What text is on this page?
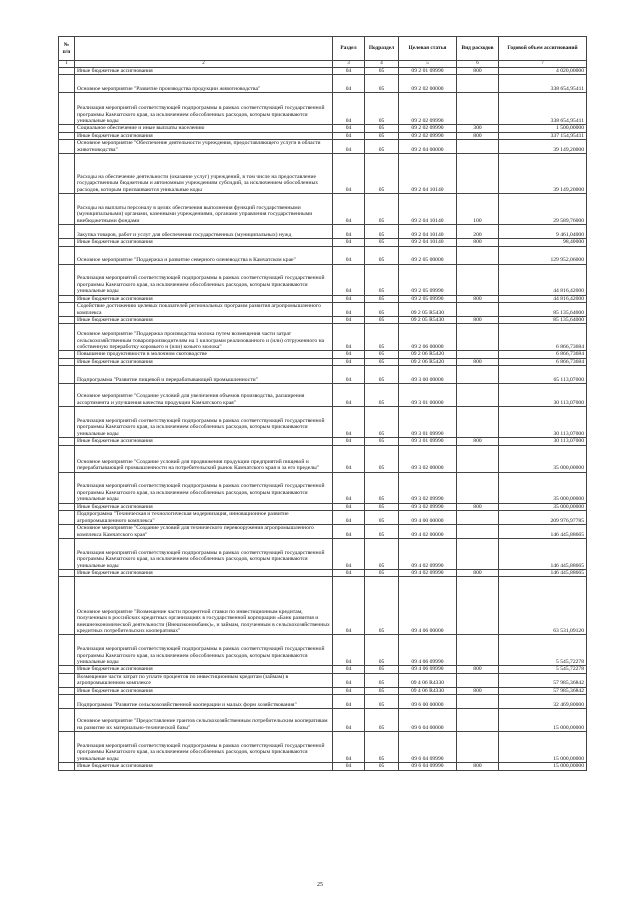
№ п/п		Раздел	Подраздел	Целевая статья	Вид расходов	Годовой объем ассигнований
1	2	3	4	5	6	7
	Иные бюджетные ассигнования	04	05	09 2 01 09990	800	4 020,00000
	Основное мероприятие "Развитие производства продукции животноводства"	04	05	09 2 02 00000		338 654,95411
	Реализация мероприятий соответствующей подпрограммы в рамках соответствующей государственной программы Камчатского края, за исключением обособленных расходов, которым присваиваются уникальные коды	04	05	09 2 02 09990		338 654,95411
	Социальное обеспечение и иные выплаты населению	04	05	09 2 02 09990	300	1 500,00000
	Иные бюджетные ассигнования	04	05	09 2 02 09990	800	337 154,95411
	Основное мероприятие "Обеспечение деятельности учреждения, предоставляющего услуги в области животноводства"	04	05	09 2 04 00000		39 149,20000
	Расходы на обеспечение деятельности (оказание услуг) учреждений, в том числе на предоставление государственным бюджетным и автономным учреждениям субсидий, за исключением обособленных расходов, которым присваиваются уникальные коды	04	05	09 2 04 10140		39 149,20000
	Расходы на выплаты персоналу в целях обеспечения выполнения функций государственными (муниципальными) органами, казенными учреждениями, органами управления государственными внебюджетными фондами	04	05	09 2 04 10140	100	29 589,76000
	Закупка товаров, работ и услуг для обеспечения государственных (муниципальных) нужд	04	05	09 2 04 10140	200	9 461,04000
	Иные бюджетные ассигнования	04	05	09 2 04 10140	800	98,40000
	Основное мероприятие "Поддержка и развитие северного оленеводства в Камчатском крае"	04	05	09 2 05 00000		129 952,06000
	Реализация мероприятий соответствующей подпрограммы в рамках соответствующей государственной программы Камчатского края, за исключением обособленных расходов, которым присваиваются уникальные коды	04	05	09 2 05 09990		44 816,42000
	Иные бюджетные ассигнования	04	05	09 2 05 09990	800	44 816,42000
	Содействие достижению целевых показателей региональных программ развития агропромышленного комплекса	04	05	09 2 05 R5430		85 135,64000
	Иные бюджетные ассигнования	04	05	09 2 05 R5430	800	85 135,64000
	Основное мероприятие "Поддержка производства молока путем возмещения части затрат сельскохозяйственным товаропроизводителям на 1 килограмм реализованного и (или) отгруженного на собственную переработку коровьего и (или) козьего молока"	04	05	09 2 06 00000		6 866,73684
	Повышение продуктивности в молочном скотоводстве	04	05	09 2 06 R5420		6 866,73684
	Иные бюджетные ассигнования	04	05	09 2 06 R5420	800	6 866,73684
	Подпрограмма "Развитие пищевой и перерабатывающей промышленности"	04	05	09 3 00 00000		65 113,07000
	Основное мероприятие "Создание условий для увеличения объемов производства, расширения ассортимента и улучшения качества продукции Камчатского края"	04	05	09 3 01 00000		30 113,07000
	Реализация мероприятий соответствующей подпрограммы в рамках соответствующей государственной программы Камчатского края, за исключением обособленных расходов, которым присваиваются уникальные коды	04	05	09 3 01 09990		30 113,07000
	Иные бюджетные ассигнования	04	05	09 3 01 09990	800	30 113,07000
	Основное мероприятие "Создание условий для продвижения продукции предприятий пищевой и перерабатывающей промышленности на потребительский рынок Камчатского края и за его пределы"	04	05	09 3 02 00000		35 000,00000
	Реализация мероприятий соответствующей подпрограммы в рамках соответствующей государственной программы Камчатского края, за исключением обособленных расходов, которым присваиваются уникальные коды	04	05	09 3 02 09990		35 000,00000
	Иные бюджетные ассигнования	04	05	09 3 02 09990	800	35 000,00000
	Подпрограмма "Техническая и технологическая модернизация, инновационное развитие агропромышленного комплекса"	04	05	09 4 00 00000		209 976,97785
	Основное мероприятие "Создание условий для технического перевооружения агропромышленного комплекса Камчатского края"	04	05	09 4 02 00000		146 445,88665
	Реализация мероприятий соответствующей подпрограммы в рамках соответствующей государственной программы Камчатского края, за исключением обособленных расходов, которым присваиваются уникальные коды	04	05	09 4 02 09990		146 445,88665
	Иные бюджетные ассигнования	04	05	09 4 02 09990	800	146 445,88665
	Основное мероприятие "Возмещение части процентной ставки по инвестиционным кредитам, полученным в российских кредитных организациях в государственной корпорации «Банк развития и внешнеэкономической деятельности (Внешэкономбанк)», и займам, полученным в сельскохозяйственных кредитных потребительских кооперативах"	04	05	09 4 06 00000		63 531,09120
	Реализация мероприятий соответствующей подпрограммы в рамках соответствующей государственной программы Камчатского края, за исключением обособленных расходов, которым присваиваются уникальные коды	04	05	09 4 06 09990		5 545,72278
	Иные бюджетные ассигнования	04	05	09 4 06 09990	800	5 545,72278
	Возмещение части затрат по уплате процентов по инвестиционным кредитам (займам) в агропромышленном комплексе	04	05	09 4 06 R4330		57 985,36842
	Иные бюджетные ассигнования	04	05	09 4 06 R4330	800	57 985,36842
	Подпрограмма "Развитие сельскохозяйственной кооперации и малых форм хозяйствования"	04	05	09 6 00 00000		32 469,80000
	Основное мероприятие "Предоставление грантов сельскохозяйственным потребительским кооперативам на развитие их материально-технической базы"	04	05	09 6 04 00000		15 000,00000
	Реализация мероприятий соответствующей подпрограммы в рамках соответствующей государственной программы Камчатского края, за исключением обособленных расходов, которым присваиваются уникальные коды	04	05	09 6 04 09990		15 000,00000
	Иные бюджетные ассигнования	04	05	09 6 04 09990	800	15 000,00000
25
